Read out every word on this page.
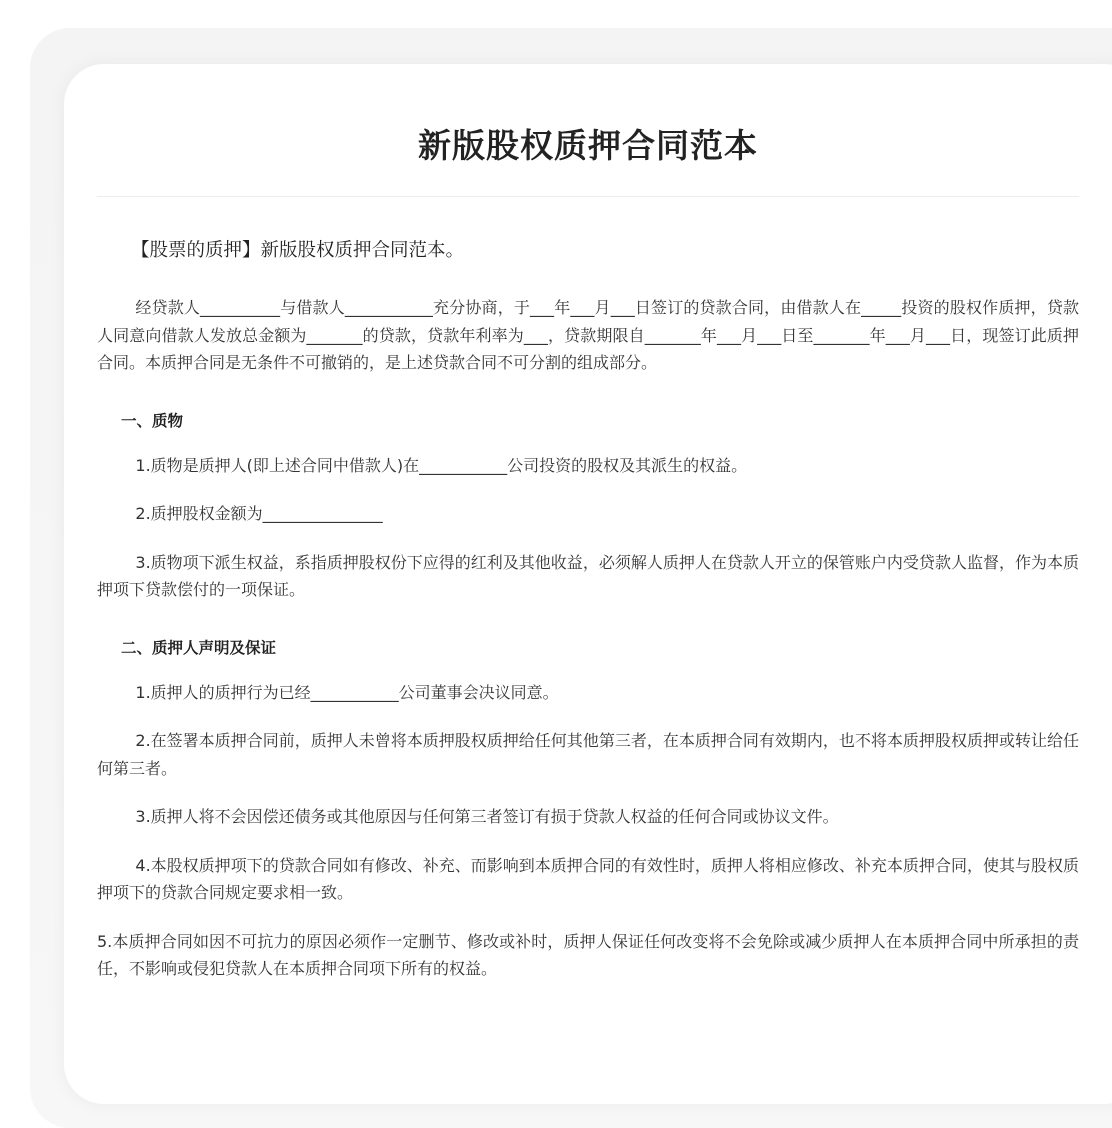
新版股权质押合同范本
【股票的质押】新版股权质押合同范本。

经贷款人__________与借款人___________充分协商，于___年___月___日签订的贷款合同，由借款人在_____投资的股权作质押，贷款人同意向借款人发放总金额为_______的贷款，贷款年利率为___，贷款期限自_______年___月___日至_______年___月___日，现签订此质押合同。本质押合同是无条件不可撤销的，是上述贷款合同不可分割的组成部分。

一、质物

1.质物是质押人(即上述合同中借款人)在___________公司投资的股权及其派生的权益。

2.质押股权金额为_______________

3.质物项下派生权益，系指质押股权份下应得的红利及其他收益，必须解人质押人在贷款人开立的保管账户内受贷款人监督，作为本质押项下贷款偿付的一项保证。

二、质押人声明及保证

1.质押人的质押行为已经___________公司董事会决议同意。

2.在签署本质押合同前，质押人未曾将本质押股权质押给任何其他第三者，在本质押合同有效期内，也不将本质押股权质押或转让给任何第三者。

3.质押人将不会因偿还债务或其他原因与任何第三者签订有损于贷款人权益的任何合同或协议文件。

4.本股权质押项下的贷款合同如有修改、补充、而影响到本质押合同的有效性时，质押人将相应修改、补充本质押合同，使其与股权质押项下的贷款合同规定要求相一致。

5.本质押合同如因不可抗力的原因必须作一定删节、修改或补时，质押人保证任何改变将不会免除或减少质押人在本质押合同中所承担的责任，不影响或侵犯贷款人在本质押合同项下所有的权益。
